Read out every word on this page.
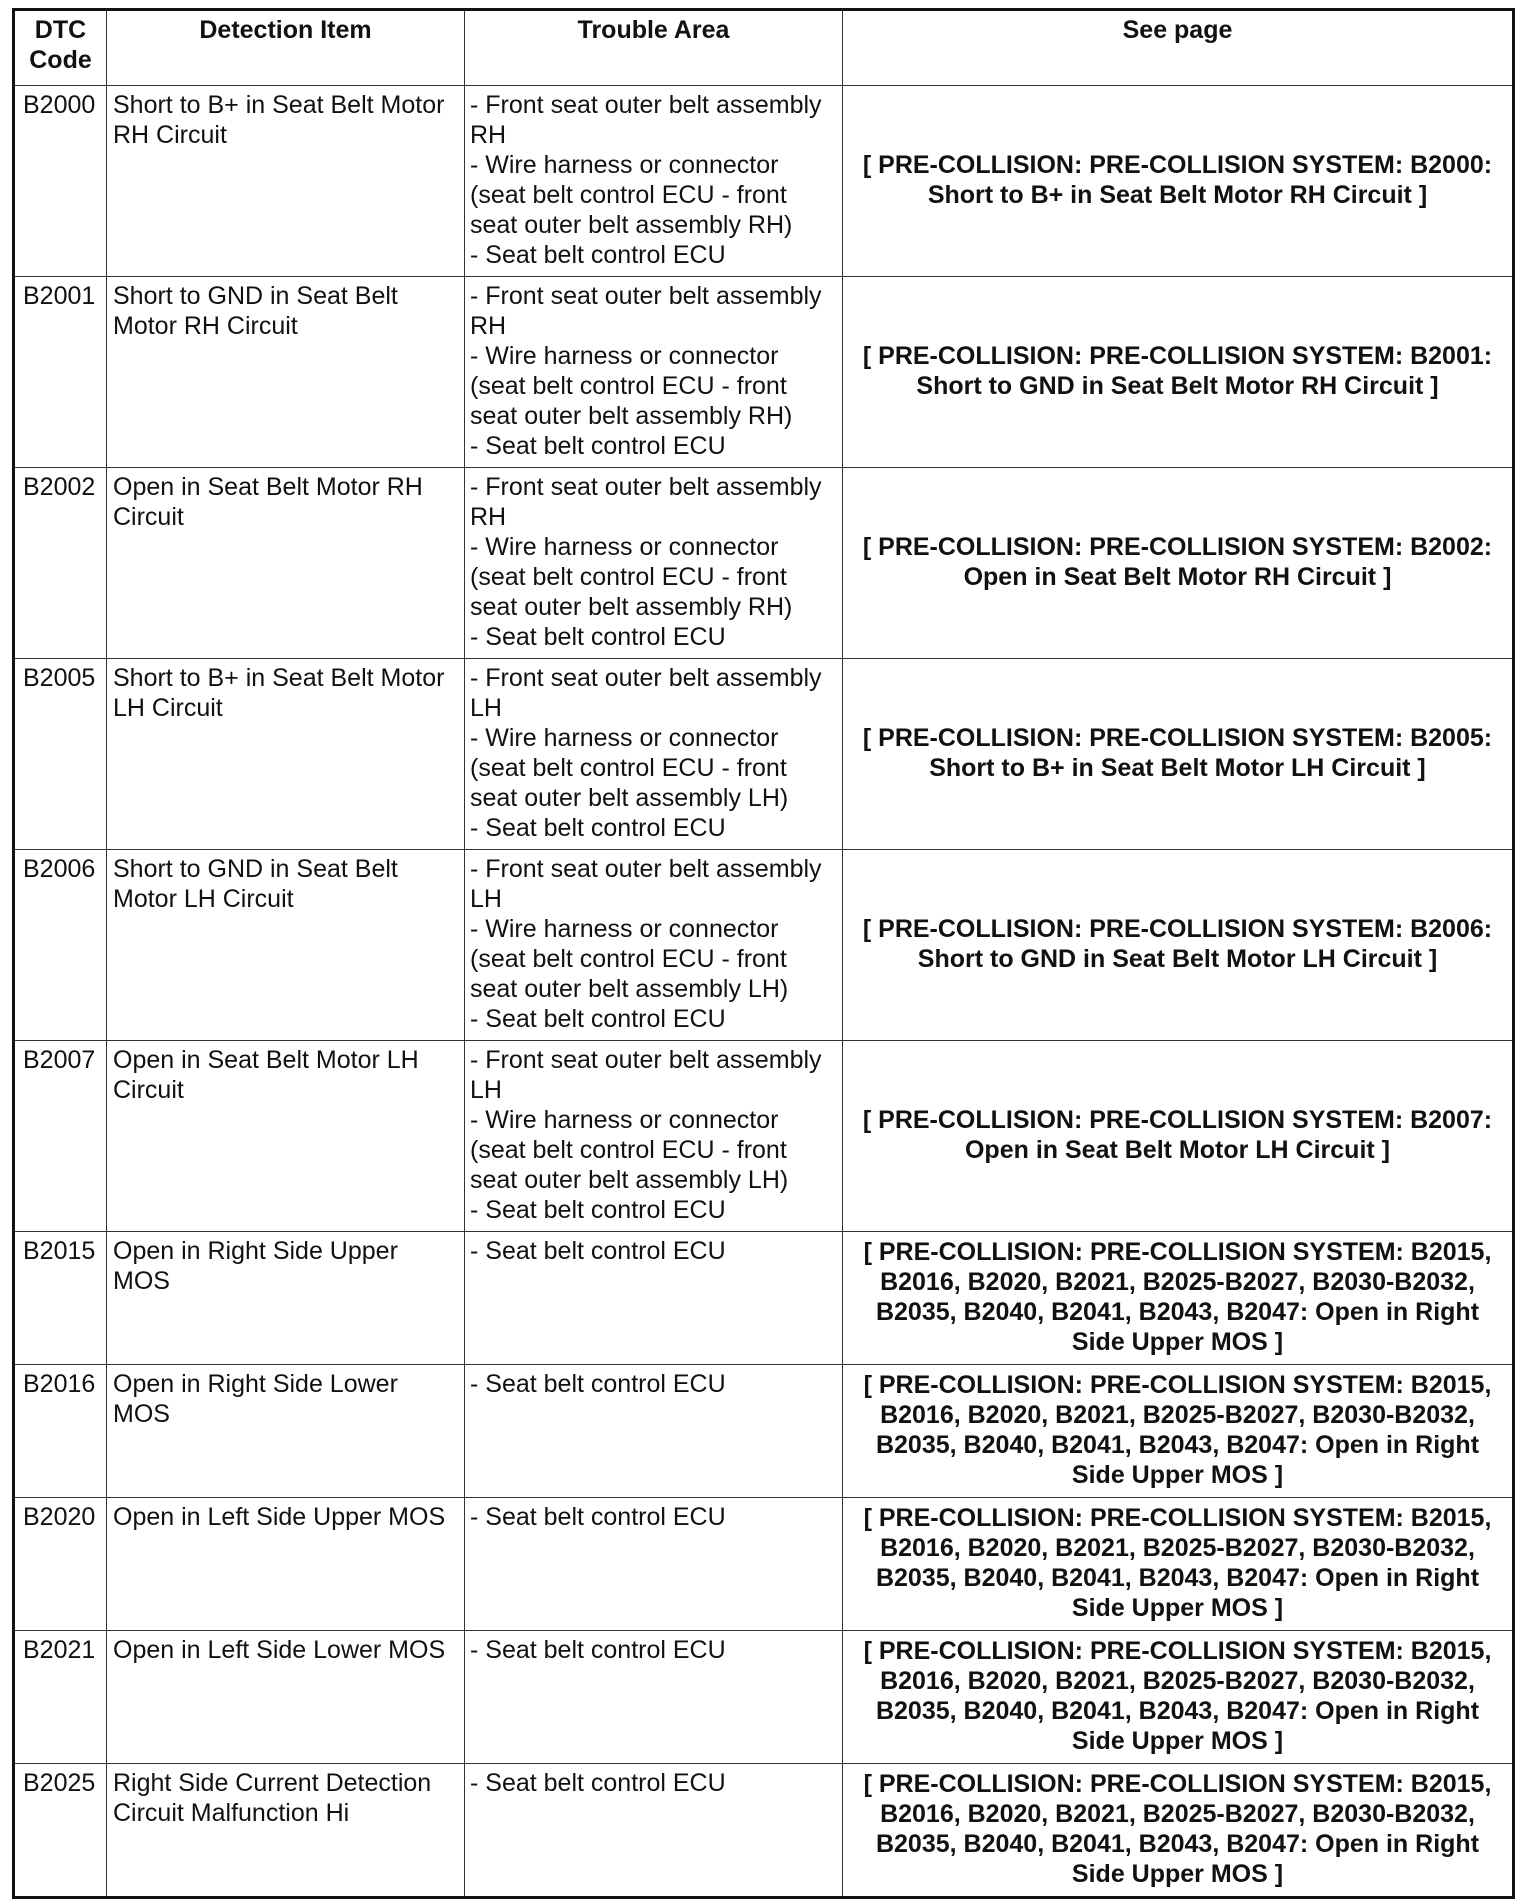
DTC Code	Detection Item	Trouble Area	See page
B2000	Short to B+ in Seat Belt Motor RH Circuit	- Front seat outer belt assembly RH
- Wire harness or connector (seat belt control ECU - front seat outer belt assembly RH)
- Seat belt control ECU	[ PRE-COLLISION: PRE-COLLISION SYSTEM: B2000: Short to B+ in Seat Belt Motor RH Circuit ]
B2001	Short to GND in Seat Belt Motor RH Circuit	- Front seat outer belt assembly RH
- Wire harness or connector (seat belt control ECU - front seat outer belt assembly RH)
- Seat belt control ECU	[ PRE-COLLISION: PRE-COLLISION SYSTEM: B2001: Short to GND in Seat Belt Motor RH Circuit ]
B2002	Open in Seat Belt Motor RH Circuit	- Front seat outer belt assembly RH
- Wire harness or connector (seat belt control ECU - front seat outer belt assembly RH)
- Seat belt control ECU	[ PRE-COLLISION: PRE-COLLISION SYSTEM: B2002: Open in Seat Belt Motor RH Circuit ]
B2005	Short to B+ in Seat Belt Motor LH Circuit	- Front seat outer belt assembly LH
- Wire harness or connector (seat belt control ECU - front seat outer belt assembly LH)
- Seat belt control ECU	[ PRE-COLLISION: PRE-COLLISION SYSTEM: B2005: Short to B+ in Seat Belt Motor LH Circuit ]
B2006	Short to GND in Seat Belt Motor LH Circuit	- Front seat outer belt assembly LH
- Wire harness or connector (seat belt control ECU - front seat outer belt assembly LH)
- Seat belt control ECU	[ PRE-COLLISION: PRE-COLLISION SYSTEM: B2006: Short to GND in Seat Belt Motor LH Circuit ]
B2007	Open in Seat Belt Motor LH Circuit	- Front seat outer belt assembly LH
- Wire harness or connector (seat belt control ECU - front seat outer belt assembly LH)
- Seat belt control ECU	[ PRE-COLLISION: PRE-COLLISION SYSTEM: B2007: Open in Seat Belt Motor LH Circuit ]
B2015	Open in Right Side Upper MOS	- Seat belt control ECU	[ PRE-COLLISION: PRE-COLLISION SYSTEM: B2015, B2016, B2020, B2021, B2025-B2027, B2030-B2032, B2035, B2040, B2041, B2043, B2047: Open in Right Side Upper MOS ]
B2016	Open in Right Side Lower MOS	- Seat belt control ECU	[ PRE-COLLISION: PRE-COLLISION SYSTEM: B2015, B2016, B2020, B2021, B2025-B2027, B2030-B2032, B2035, B2040, B2041, B2043, B2047: Open in Right Side Upper MOS ]
B2020	Open in Left Side Upper MOS	- Seat belt control ECU	[ PRE-COLLISION: PRE-COLLISION SYSTEM: B2015, B2016, B2020, B2021, B2025-B2027, B2030-B2032, B2035, B2040, B2041, B2043, B2047: Open in Right Side Upper MOS ]
B2021	Open in Left Side Lower MOS	- Seat belt control ECU	[ PRE-COLLISION: PRE-COLLISION SYSTEM: B2015, B2016, B2020, B2021, B2025-B2027, B2030-B2032, B2035, B2040, B2041, B2043, B2047: Open in Right Side Upper MOS ]
B2025	Right Side Current Detection Circuit Malfunction Hi	- Seat belt control ECU	[ PRE-COLLISION: PRE-COLLISION SYSTEM: B2015, B2016, B2020, B2021, B2025-B2027, B2030-B2032, B2035, B2040, B2041, B2043, B2047: Open in Right Side Upper MOS ]
